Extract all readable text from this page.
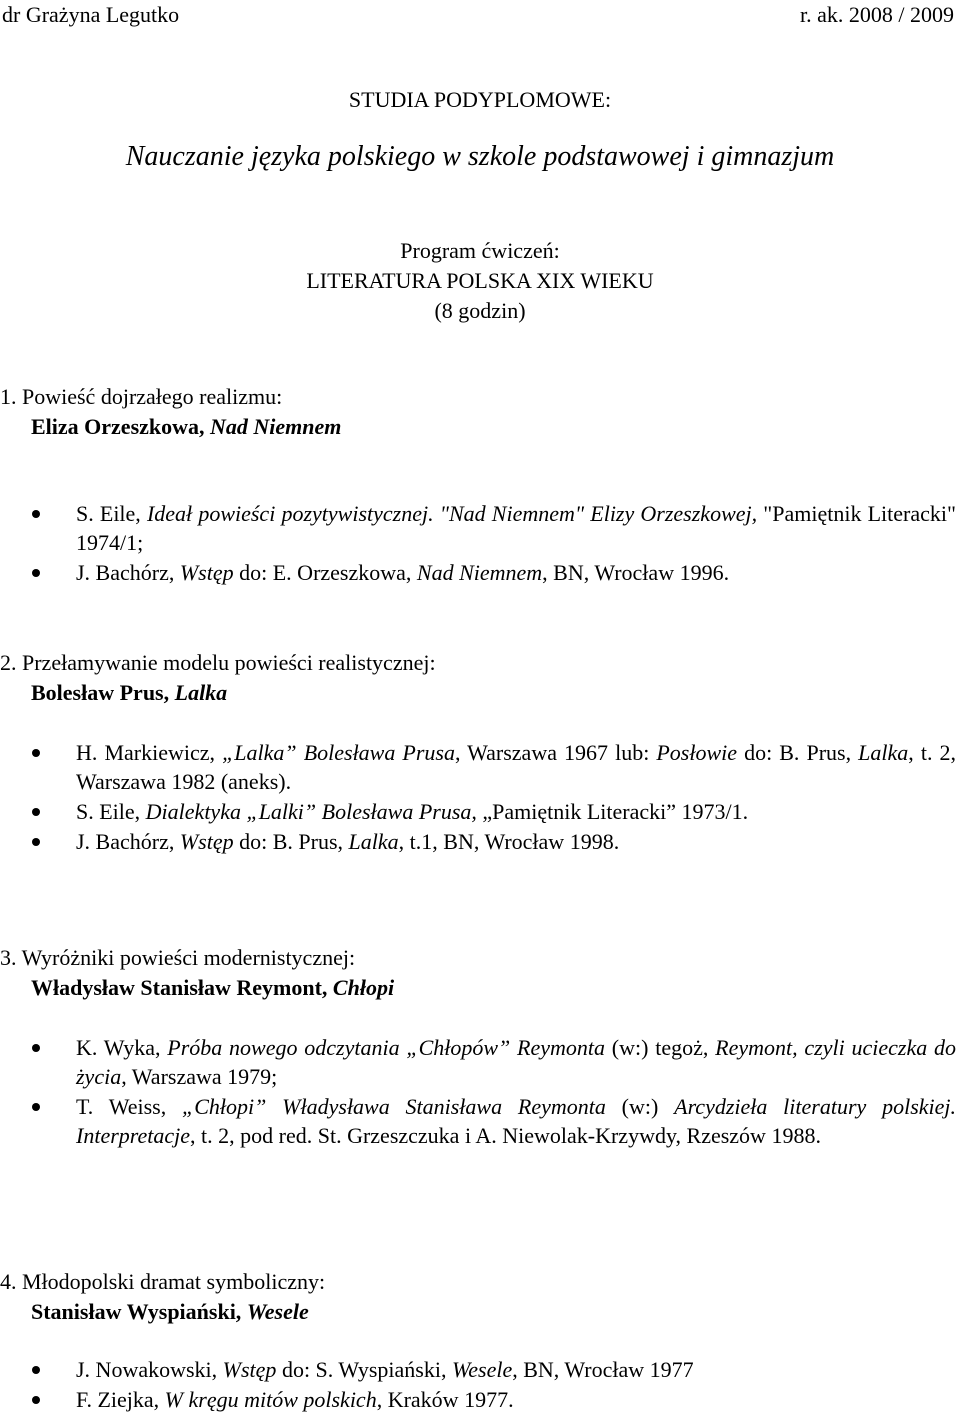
dr Grażyna Legutko	r. ak. 2008 / 2009
STUDIA PODYPLOMOWE:
Nauczanie języka polskiego w szkole podstawowej i gimnazjum
Program ćwiczeń:
LITERATURA POLSKA XIX WIEKU
(8 godzin)
1. Powieść dojrzałego realizmu:
Eliza Orzeszkowa, Nad Niemnem
S. Eile, Ideał powieści pozytywistycznej. "Nad Niemnem" Elizy Orzeszkowej, "Pamiętnik Literacki" 1974/1;
J. Bachórz, Wstęp do: E. Orzeszkowa, Nad Niemnem, BN, Wrocław 1996.
2. Przełamywanie modelu powieści realistycznej:
Bolesław Prus, Lalka
H. Markiewicz, „Lalka” Bolesława Prusa, Warszawa 1967 lub: Posłowie do: B. Prus, Lalka, t. 2, Warszawa 1982 (aneks).
S. Eile, Dialektyka „Lalki” Bolesława Prusa, „Pamiętnik Literacki” 1973/1.
J. Bachórz, Wstęp do: B. Prus, Lalka, t.1, BN, Wrocław 1998.
3. Wyróżniki powieści modernistycznej:
Władysław Stanisław Reymont, Chłopi
K. Wyka, Próba nowego odczytania „Chłopów” Reymonta (w:) tegoż, Reymont, czyli ucieczka do życia, Warszawa 1979;
T. Weiss, „Chłopi” Władysława Stanisława Reymonta (w:) Arcydzieła literatury polskiej. Interpretacje, t. 2, pod red. St. Grzeszczuka i A. Niewolak-Krzywdy, Rzeszów 1988.
4. Młodopolski dramat symboliczny:
Stanisław Wyspiański, Wesele
J. Nowakowski, Wstęp do: S. Wyspiański, Wesele, BN, Wrocław 1977
F. Ziejka, W kręgu mitów polskich, Kraków 1977.
